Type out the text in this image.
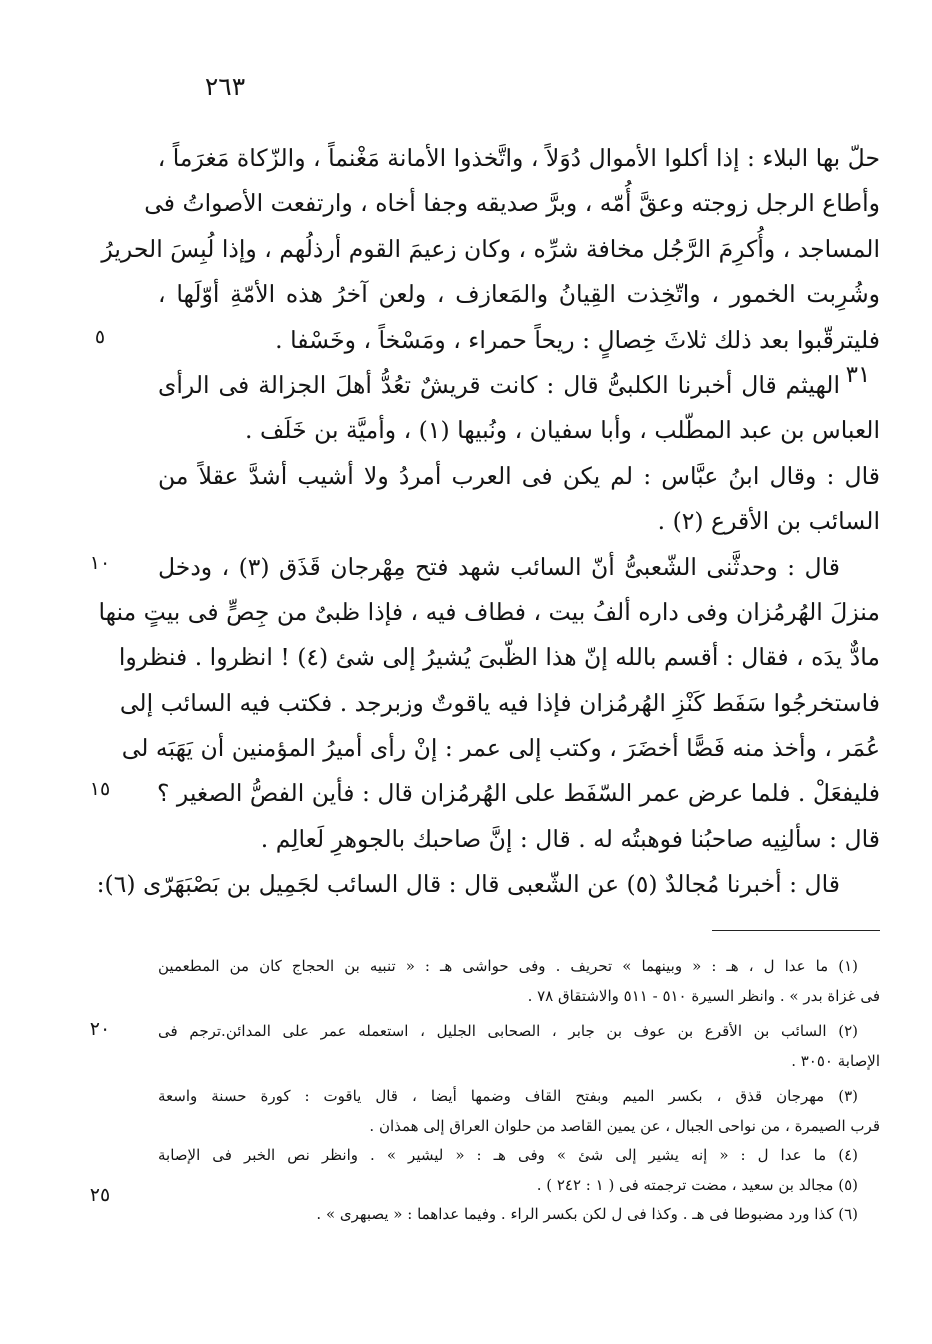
٢٦٣
٣١
٥
١٠
١٥
٢٠
٢٥
حلّ بها البلاء : إذا أكلوا الأموال دُوَلاً ، واتَّخذوا الأمانة مَغْنماً ، والزّكاة مَغرَماً ،
وأطاع الرجل زوجته وعقَّ أُمّه ، وبرَّ صديقه وجفا أخاه ، وارتفعت الأصواتُ فى
المساجد ، وأُكرِمَ الرَّجُل مخافة شرِّه ، وكان زعيمَ القوم أرذلُهم ، وإذا لُبِسَ الحريرُ
وشُرِبت الخمور ، واتّخِذت القِيانُ والمَعازف ، ولعن آخرُ هذه الأمّةِ أوّلَها ،
فليترقّبوا بعد ذلك ثلاثَ خِصالٍ : ريحاً حمراء ، ومَسْخاً ، وخَسْفا .
الهيثم قال أخبرنا الكلبىُّ قال : كانت قريشٌ تعُدُّ أهلَ الجزالة فى الرأى
العباس بن عبد المطّلب ، وأبا سفيان ، ونُبيها (١) ، وأميَّة بن خَلَف .
قال : وقال ابنُ عبَّاس : لم يكن فى العرب أمردُ ولا أشيب أشدَّ عقلاً من
السائب بن الأقرع (٢) .
قال : وحدثَّنى الشّعبىُّ أنّ السائب شهد فتح مِهْرجان قَذَق (٣) ، ودخل
منزلَ الهُرمُزان وفى داره ألفُ بيت ، فطاف فيه ، فإذا ظبىٌ من جِصٍّ فى بيتٍ منها
مادٌّ يدَه ، فقال : أقسم بالله إنّ هذا الظّبىَ يُشيرُ إلى شئ (٤) ! انظروا . فنظروا
فاستخرجُوا سَفَط كَنْزِ الهُرمُزان فإذا فيه ياقوتٌ وزبرجد . فكتب فيه السائب إلى
عُمَر ، وأخذ منه فَصًّا أخضَرَ ، وكتب إلى عمر : إنْ رأى أميرُ المؤمنين أن يَهَبَه لى
فليفعَلْ . فلما عرض عمر السّفَط على الهُرمُزان قال : فأين الفصُّ الصغير ؟
قال : سألنِيه صاحبُنا فوهبتُه له . قال : إنَّ صاحبك بالجوهرِ لَعالِم .
قال : أخبرنا مُجالدٌ (٥) عن الشّعبى قال : قال السائب لجَمِيل بن بَصْبَهَرّى (٦):
(١) ما عدا ل ، هـ : « وبينهما » تحريف . وفى حواشى هـ : « تنبيه بن الحجاج كان من المطعمين
فى غزاة بدر » . وانظر السيرة ٥١٠ - ٥١١ والاشتقاق ٧٨ .
(٢) السائب بن الأقرع بن عوف بن جابر ، الصحابى الجليل ، استعمله عمر على المدائن.ترجم فى
الإصابة ٣٠٥٠ .
(٣) مهرجان قذق ، بكسر الميم وبفتح القاف وضمها أيضا ، قال ياقوت : كورة حسنة واسعة
قرب الصيمرة ، من نواحى الجبال ، عن يمين القاصد من حلوان العراق إلى همذان .
(٤) ما عدا ل : « إنه يشير إلى شئ » وفى هـ : « ليشير » . وانظر نص الخبر فى الإصابة
(٥) مجالد بن سعيد ، مضت ترجمته فى ( ١ : ٢٤٢ ) .
(٦) كذا ورد مضبوطا فى هـ . وكذا فى ل لكن بكسر الراء . وفيما عداهما : « يصبهرى » .
